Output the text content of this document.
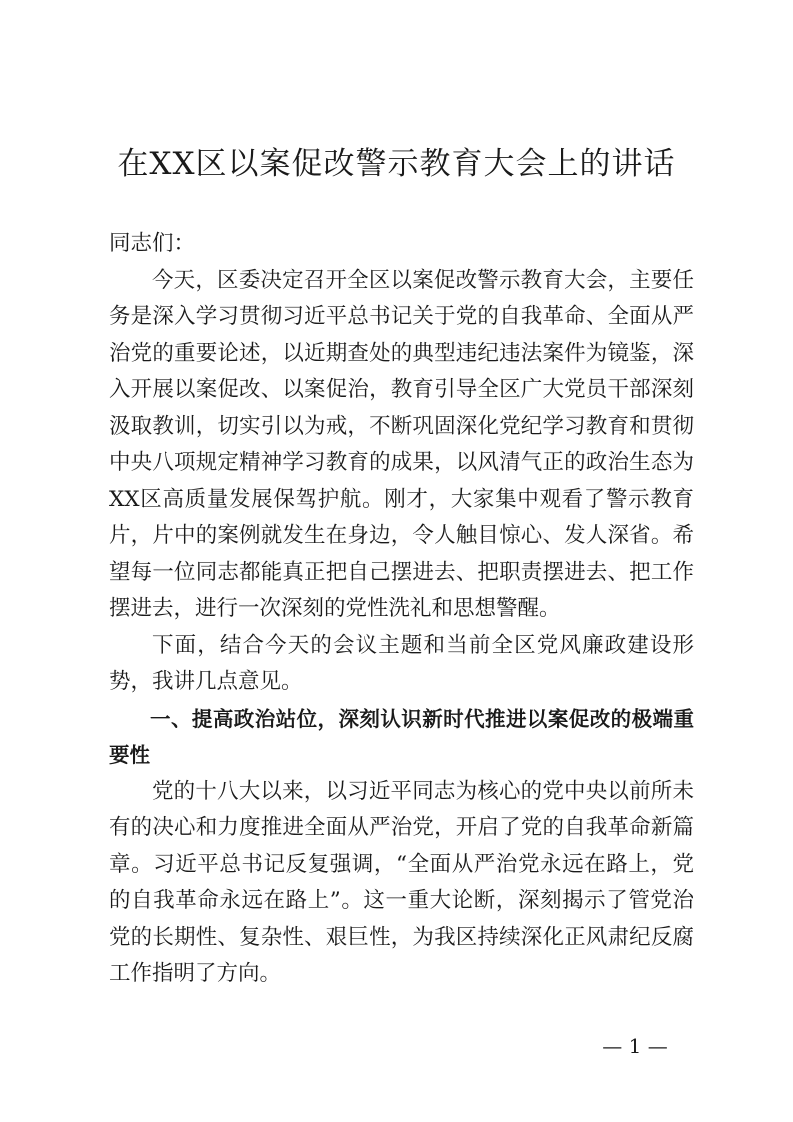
在XX区以案促改警示教育大会上的讲话

同志们：

今天，区委决定召开全区以案促改警示教育大会，主要任务是深入学习贯彻习近平总书记关于党的自我革命、全面从严治党的重要论述，以近期查处的典型违纪违法案件为镜鉴，深入开展以案促改、以案促治，教育引导全区广大党员干部深刻汲取教训，切实引以为戒，不断巩固深化党纪学习教育和贯彻中央八项规定精神学习教育的成果，以风清气正的政治生态为XX区高质量发展保驾护航。刚才，大家集中观看了警示教育片，片中的案例就发生在身边，令人触目惊心、发人深省。希望每一位同志都能真正把自己摆进去、把职责摆进去、把工作摆进去，进行一次深刻的党性洗礼和思想警醒。

下面，结合今天的会议主题和当前全区党风廉政建设形势，我讲几点意见。

一、提高政治站位，深刻认识新时代推进以案促改的极端重要性

党的十八大以来，以习近平同志为核心的党中央以前所未有的决心和力度推进全面从严治党，开启了党的自我革命新篇章。习近平总书记反复强调，“全面从严治党永远在路上，党的自我革命永远在路上”。这一重大论断，深刻揭示了管党治党的长期性、复杂性、艰巨性，为我区持续深化正风肃纪反腐工作指明了方向。

— 1 —
